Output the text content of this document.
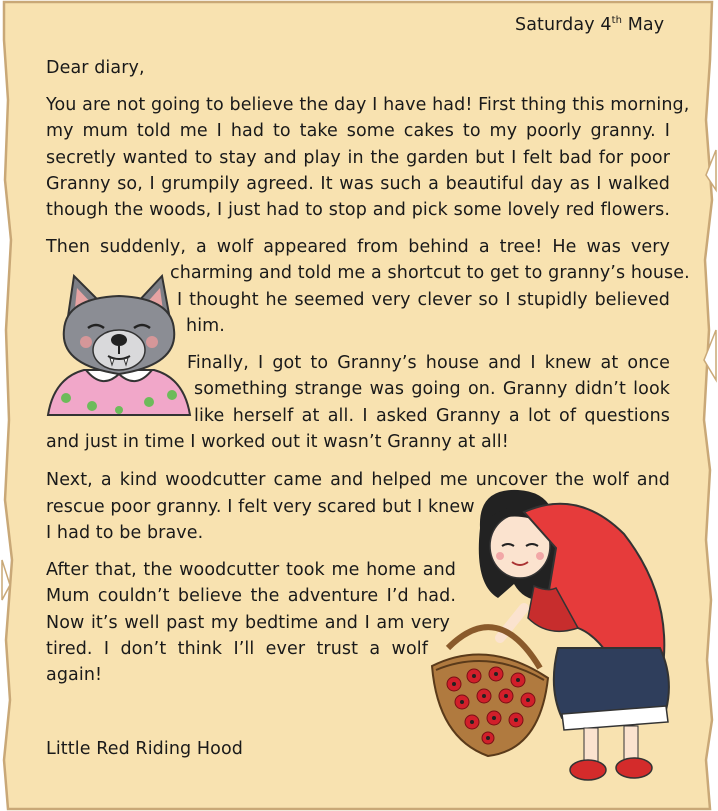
Saturday 4th May
Dear diary,
You are not going to believe the day I have had! First thing this morning,
my mum told me I had to take some cakes to my poorly granny. I
secretly wanted to stay and play in the garden but I felt bad for poor
Granny so, I grumpily agreed. It was such a beautiful day as I walked
though the woods, I just had to stop and pick some lovely red flowers.
Then suddenly, a wolf appeared from behind a tree! He was very
charming and told me a shortcut to get to granny’s house.
I thought he seemed very clever so I stupidly believed
him.
Finally, I got to Granny’s house and I knew at once
something strange was going on. Granny didn’t look
like herself at all. I asked Granny a lot of questions
and just in time I worked out it wasn’t Granny at all!
Next, a kind woodcutter came and helped me uncover the wolf and
rescue poor granny. I felt very scared but I knew
I had to be brave.
After that, the woodcutter took me home and
Mum couldn’t believe the adventure I’d had.
Now it’s well past my bedtime and I am very
tired. I don’t think I’ll ever trust a wolf
again!
Little Red Riding Hood
